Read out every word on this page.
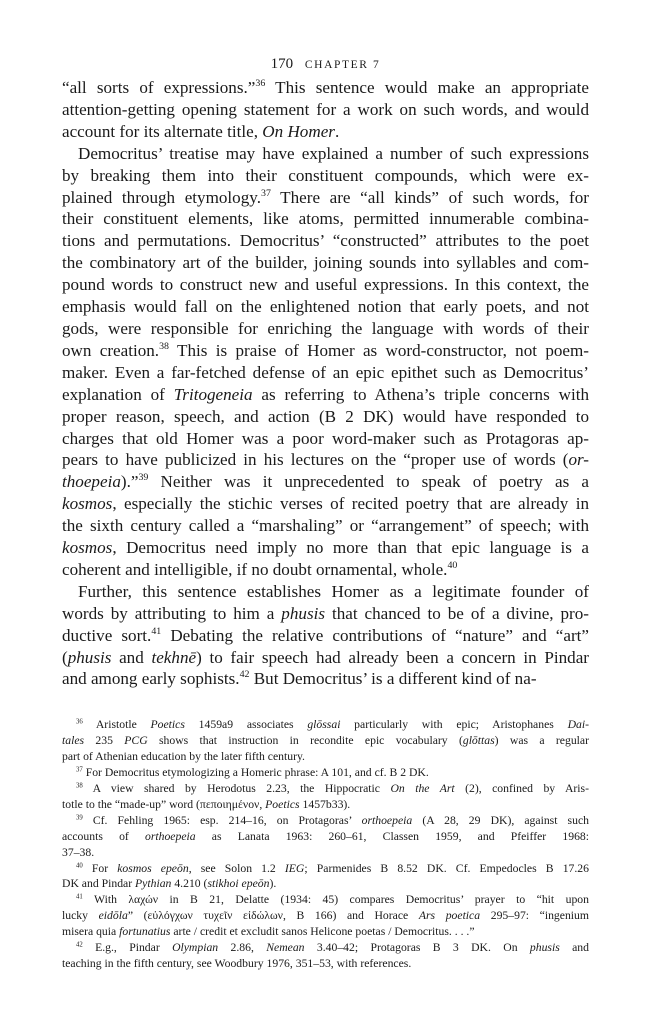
170 CHAPTER 7

“all sorts of expressions.”$^{36}$ This sentence would make an appropriate
attention-getting opening statement for a work on such words, and would
account for its alternate title, On Homer.

Democritus’ treatise may have explained a number of such expressions
by breaking them into their constituent compounds, which were ex-
plained through etymology.$^{37}$ There are “all kinds” of such words, for
their constituent elements, like atoms, permitted innumerable combina-
tions and permutations. Democritus’ “constructed” attributes to the poet
the combinatory art of the builder, joining sounds into syllables and com-
pound words to construct new and useful expressions. In this context, the
emphasis would fall on the enlightened notion that early poets, and not
gods, were responsible for enriching the language with words of their
own creation.$^{38}$ This is praise of Homer as word-constructor, not poem-
maker. Even a far-fetched defense of an epic epithet such as Democritus’
explanation of Tritogeneia as referring to Athena’s triple concerns with
proper reason, speech, and action (B 2 DK) would have responded to
charges that old Homer was a poor word-maker such as Protagoras ap-
pears to have publicized in his lectures on the “proper use of words (or-
thoepeia).”$^{39}$ Neither was it unprecedented to speak of poetry as a
kosmos, especially the stichic verses of recited poetry that are already in
the sixth century called a “marshaling” or “arrangement” of speech; with
kosmos, Democritus need imply no more than that epic language is a
coherent and intelligible, if no doubt ornamental, whole.$^{40}$

Further, this sentence establishes Homer as a legitimate founder of
words by attributing to him a phusis that chanced to be of a divine, pro-
ductive sort.$^{41}$ Debating the relative contributions of “nature” and “art”
(phusis and tekhnē) to fair speech had already been a concern in Pindar
and among early sophists.$^{42}$ But Democritus’ is a different kind of na-

$^{36}$ Aristotle Poetics 1459a9 associates glōssai particularly with epic; Aristophanes Dai-
tales 235 PCG shows that instruction in recondite epic vocabulary (glōttas) was a regular
part of Athenian education by the later fifth century.
$^{37}$ For Democritus etymologizing a Homeric phrase: A 101, and cf. B 2 DK.
$^{38}$ A view shared by Herodotus 2.23, the Hippocratic On the Art (2), confined by Aris-
totle to the “made-up” word (πεποιημένον, Poetics 1457b33).
$^{39}$ Cf. Fehling 1965: esp. 214–16, on Protagoras’ orthoepeia (A 28, 29 DK), against such
accounts of orthoepeia as Lanata 1963: 260–61, Classen 1959, and Pfeiffer 1968:
37–38.
$^{40}$ For kosmos epeōn, see Solon 1.2 IEG; Parmenides B 8.52 DK. Cf. Empedocles B 17.26
DK and Pindar Pythian 4.210 (stikhoi epeōn).
$^{41}$ With λαχών in B 21, Delatte (1934: 45) compares Democritus’ prayer to “hit upon
lucky eidōla” (εὐλόγχων τυχεῖν εἰδώλων, B 166) and Horace Ars poetica 295–97: “ingenium
misera quia fortunatius arte / credit et excludit sanos Helicone poetas / Democritus. . . .”
$^{42}$ E.g., Pindar Olympian 2.86, Nemean 3.40–42; Protagoras B 3 DK. On phusis and
teaching in the fifth century, see Woodbury 1976, 351–53, with references.
